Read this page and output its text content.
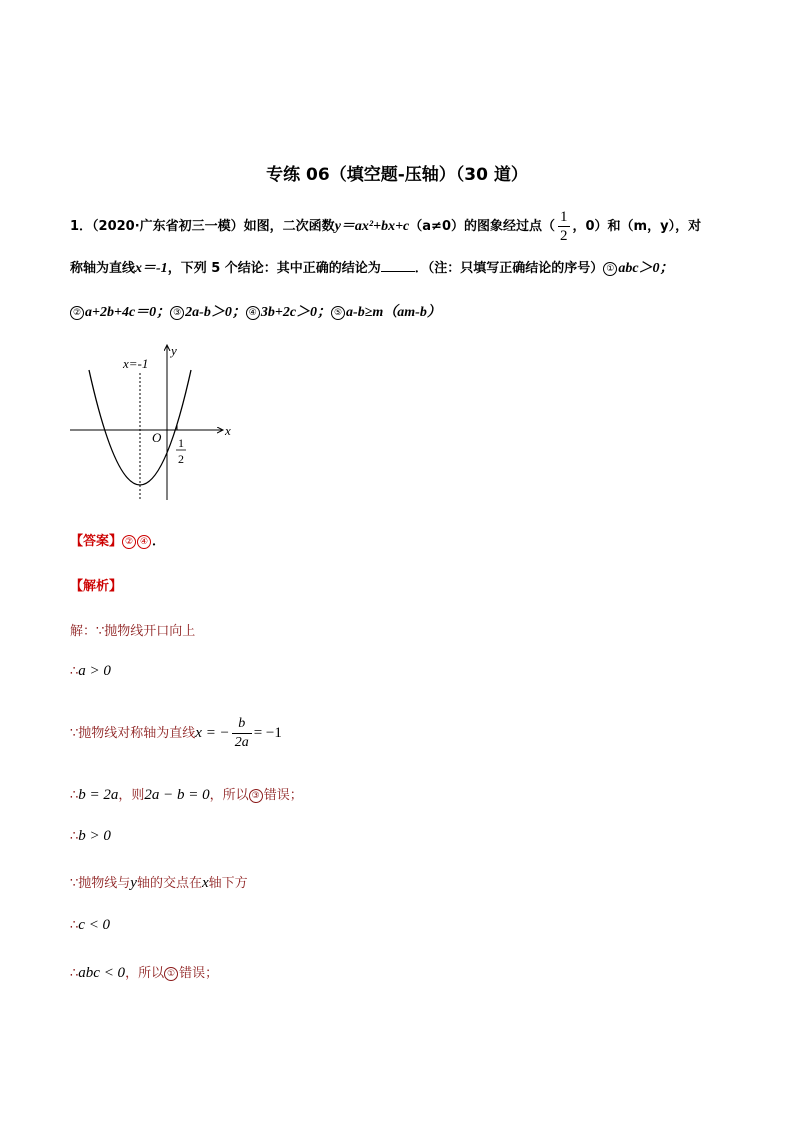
专练 06（填空题-压轴）（30 道）
1．（2020·广东省初三一模）如图，二次函数y＝ax²+bx+c（a≠0）的图象经过点（ $\frac{1}{2}$ ，0）和（m，y），对
称轴为直线x＝-1，下列 5 个结论：其中正确的结论为	．（注：只填写正确结论的序号） ① abc＞0；
② a+2b+4c＝0； ③ 2a-b＞0； ④ 3b+2c＞0； ⑤ a-b≥m（am-b）
x=-1
y
x
O 1
2
【答案】 ② ④ ．
【解析】
解：∵抛物线开口向上
∴a > 0
∵抛物线对称轴为直线x = − $\frac{b}{2a} = -1$
∴b = 2a，则2a − b = 0，所以 ③ 错误；
∴b > 0
∵抛物线与y轴的交点在x轴下方
∴c < 0
∴abc < 0，所以 ① 错误；
